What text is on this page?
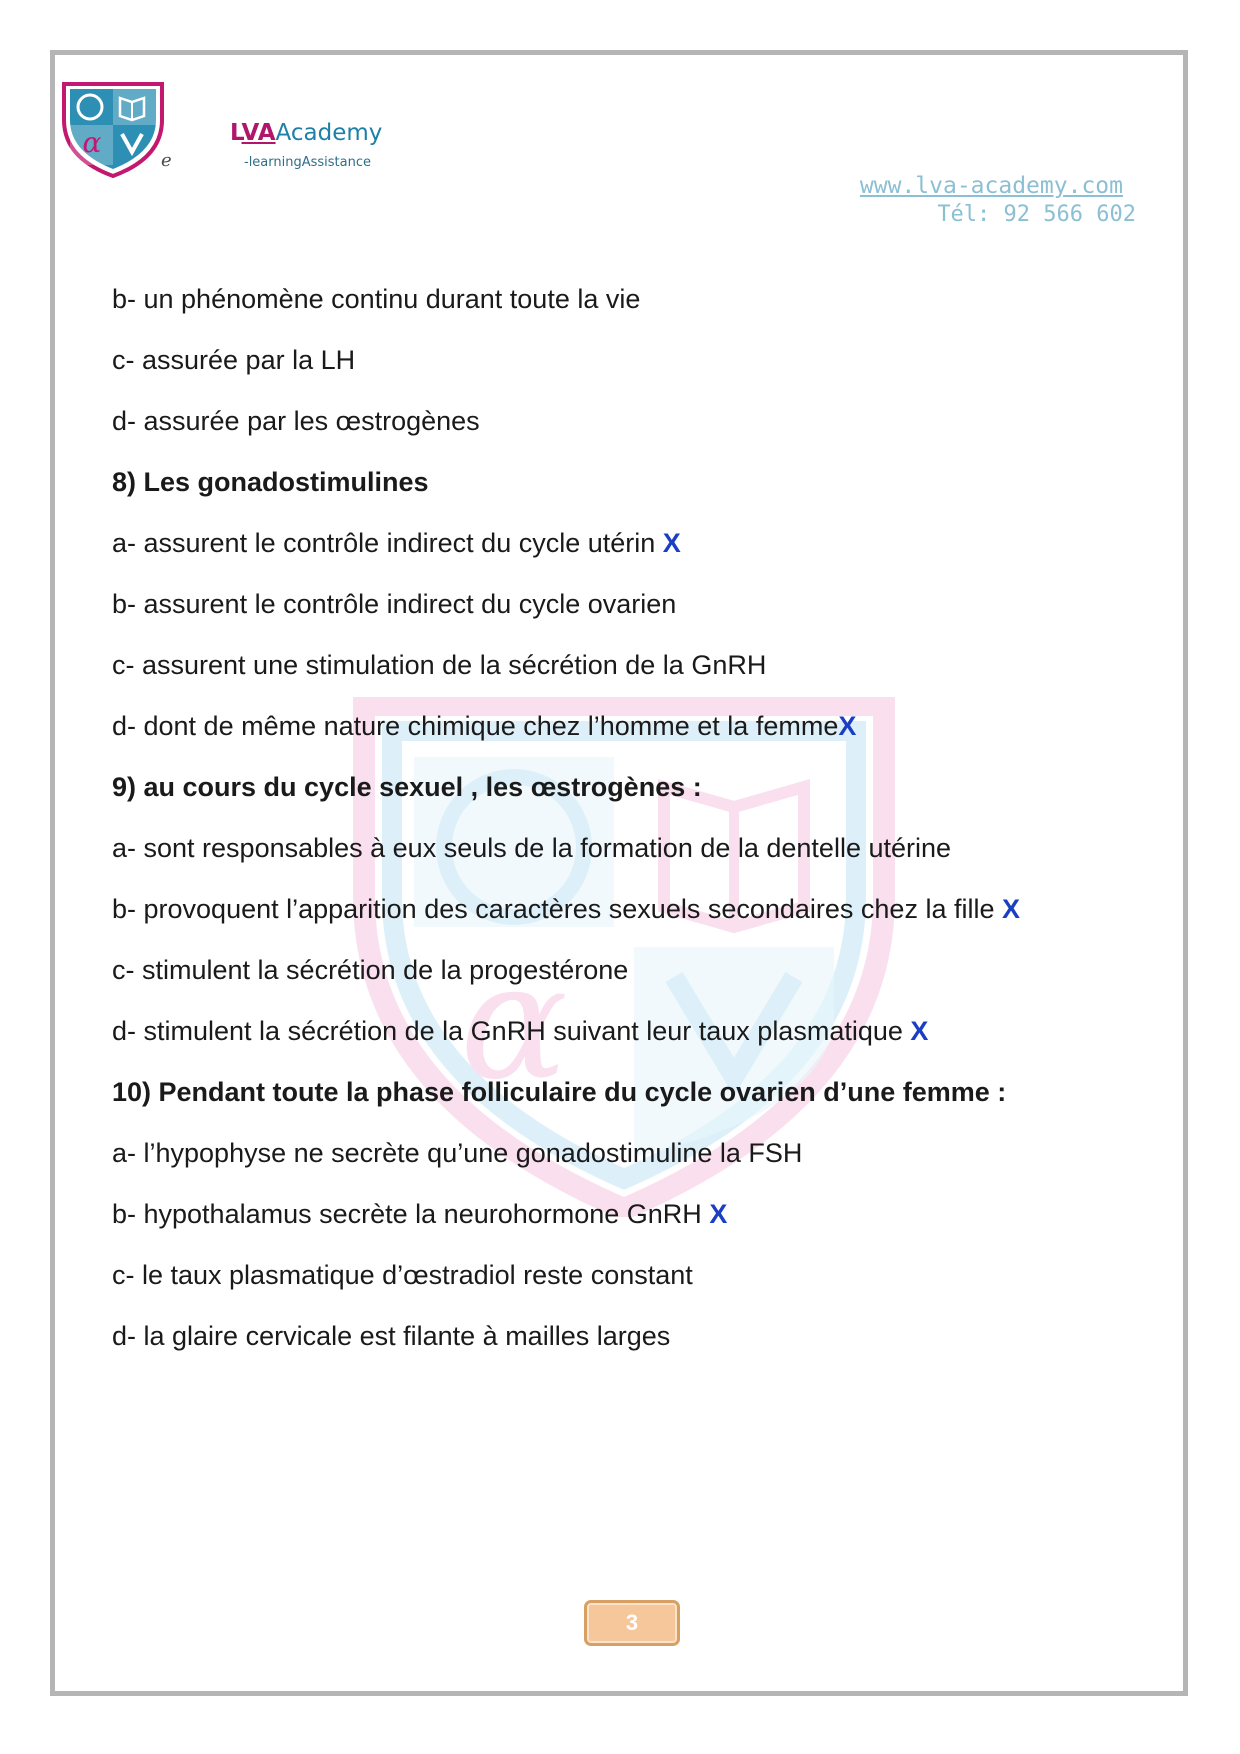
α
e
LVAAcademy
-learningAssistance
www.lva-academy.com
Tél: 92 566 602
α
b- un phénomène continu durant toute la vie
c- assurée par la LH
d- assurée par les œstrogènes
8) Les gonadostimulines
a- assurent le contrôle indirect du cycle utérin X
b- assurent le contrôle indirect du cycle ovarien
c- assurent une stimulation de la sécrétion de la GnRH
d- dont de même nature chimique chez l’homme et la femmeX
9) au cours du cycle sexuel , les œstrogènes :
a- sont responsables à eux seuls de la formation de la dentelle utérine
b- provoquent l’apparition des caractères sexuels secondaires chez la fille X
c- stimulent la sécrétion de la progestérone
d- stimulent la sécrétion de la GnRH suivant leur taux plasmatique X
10) Pendant toute la phase folliculaire du cycle ovarien d’une femme :
a- l’hypophyse ne secrète qu’une gonadostimuline la FSH
b- hypothalamus secrète la neurohormone GnRH X
c- le taux plasmatique d’œstradiol reste constant
d- la glaire cervicale est filante à mailles larges
3
